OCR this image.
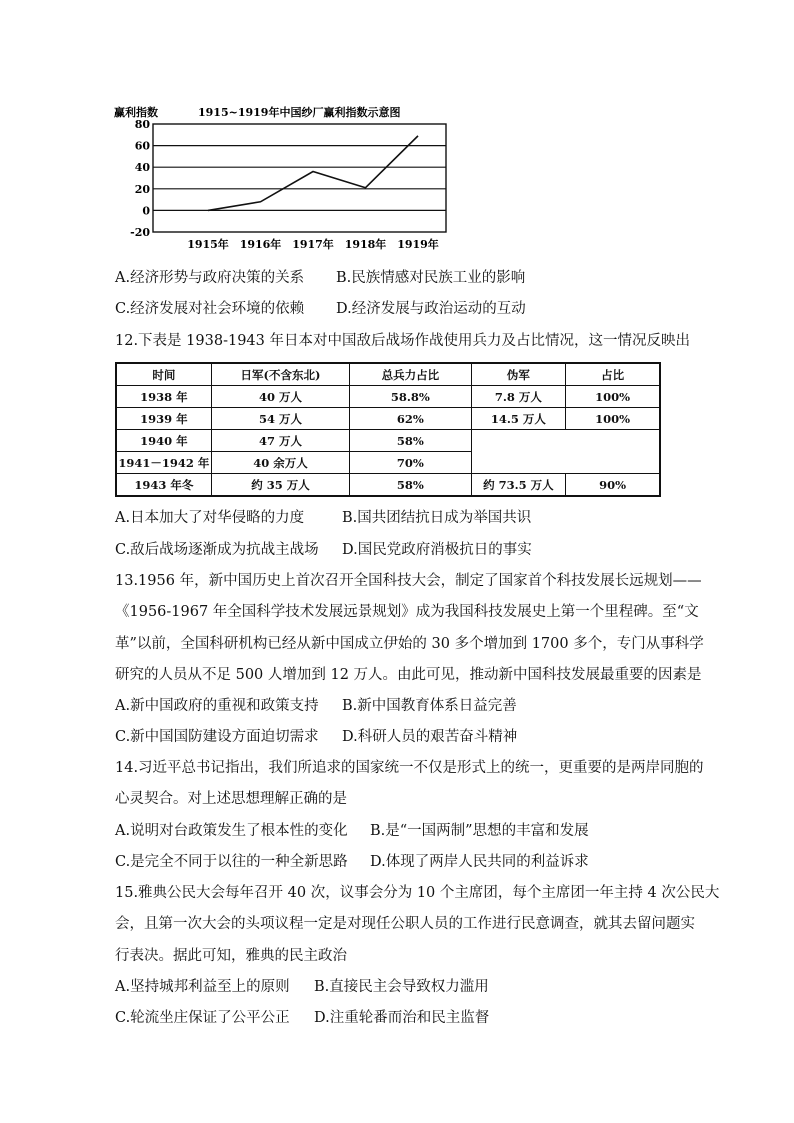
赢利指数	1915~1919年中国纱厂赢利指数示意图
80
60
40
20
0
-20
1915年 1916年 1917年 1918年 1919年
A.经济形势与政府决策的关系 B.民族情感对民族工业的影响
C.经济发展对社会环境的依赖 D.经济发展与政治运动的互动
12.下表是 1938-1943 年日本对中国敌后战场作战使用兵力及占比情况，这一情况反映出
时间	日军(不含东北)	总兵力占比	伪军	占比
1938 年	40 万人	58.8%	7.8 万人	100%
1939 年	54 万人	62%	14.5 万人	100%
1940 年	47 万人	58%		
1941－1942 年	40 余万人	70%		
1943 年冬	约 35 万人	58%	约 73.5 万人	90%
A.日本加大了对华侵略的力度	B.国共团结抗日成为举国共识
C.敌后战场逐渐成为抗战主战场 D.国民党政府消极抗日的事实
13.1956 年，新中国历史上首次召开全国科技大会，制定了国家首个科技发展长远规划——
《1956-1967 年全国科学技术发展远景规划》成为我国科技发展史上第一个里程碑。至“文
革”以前，全国科研机构已经从新中国成立伊始的 30 多个增加到 1700 多个，专门从事科学
研究的人员从不足 500 人增加到 12 万人。由此可见，推动新中国科技发展最重要的因素是
A.新中国政府的重视和政策支持 B.新中国教育体系日益完善
C.新中国国防建设方面迫切需求 D.科研人员的艰苦奋斗精神
14.习近平总书记指出，我们所追求的国家统一不仅是形式上的统一，更重要的是两岸同胞的
心灵契合。对上述思想理解正确的是
A.说明对台政策发生了根本性的变化 B.是“一国两制”思想的丰富和发展
C.是完全不同于以往的一种全新思路 D.体现了两岸人民共同的利益诉求
15.雅典公民大会每年召开 40 次，议事会分为 10 个主席团，每个主席团一年主持 4 次公民大
会，且第一次大会的头项议程一定是对现任公职人员的工作进行民意调查，就其去留问题实
行表决。据此可知，雅典的民主政治
A.坚持城邦利益至上的原则 B.直接民主会导致权力滥用
C.轮流坐庄保证了公平公正 D.注重轮番而治和民主监督
